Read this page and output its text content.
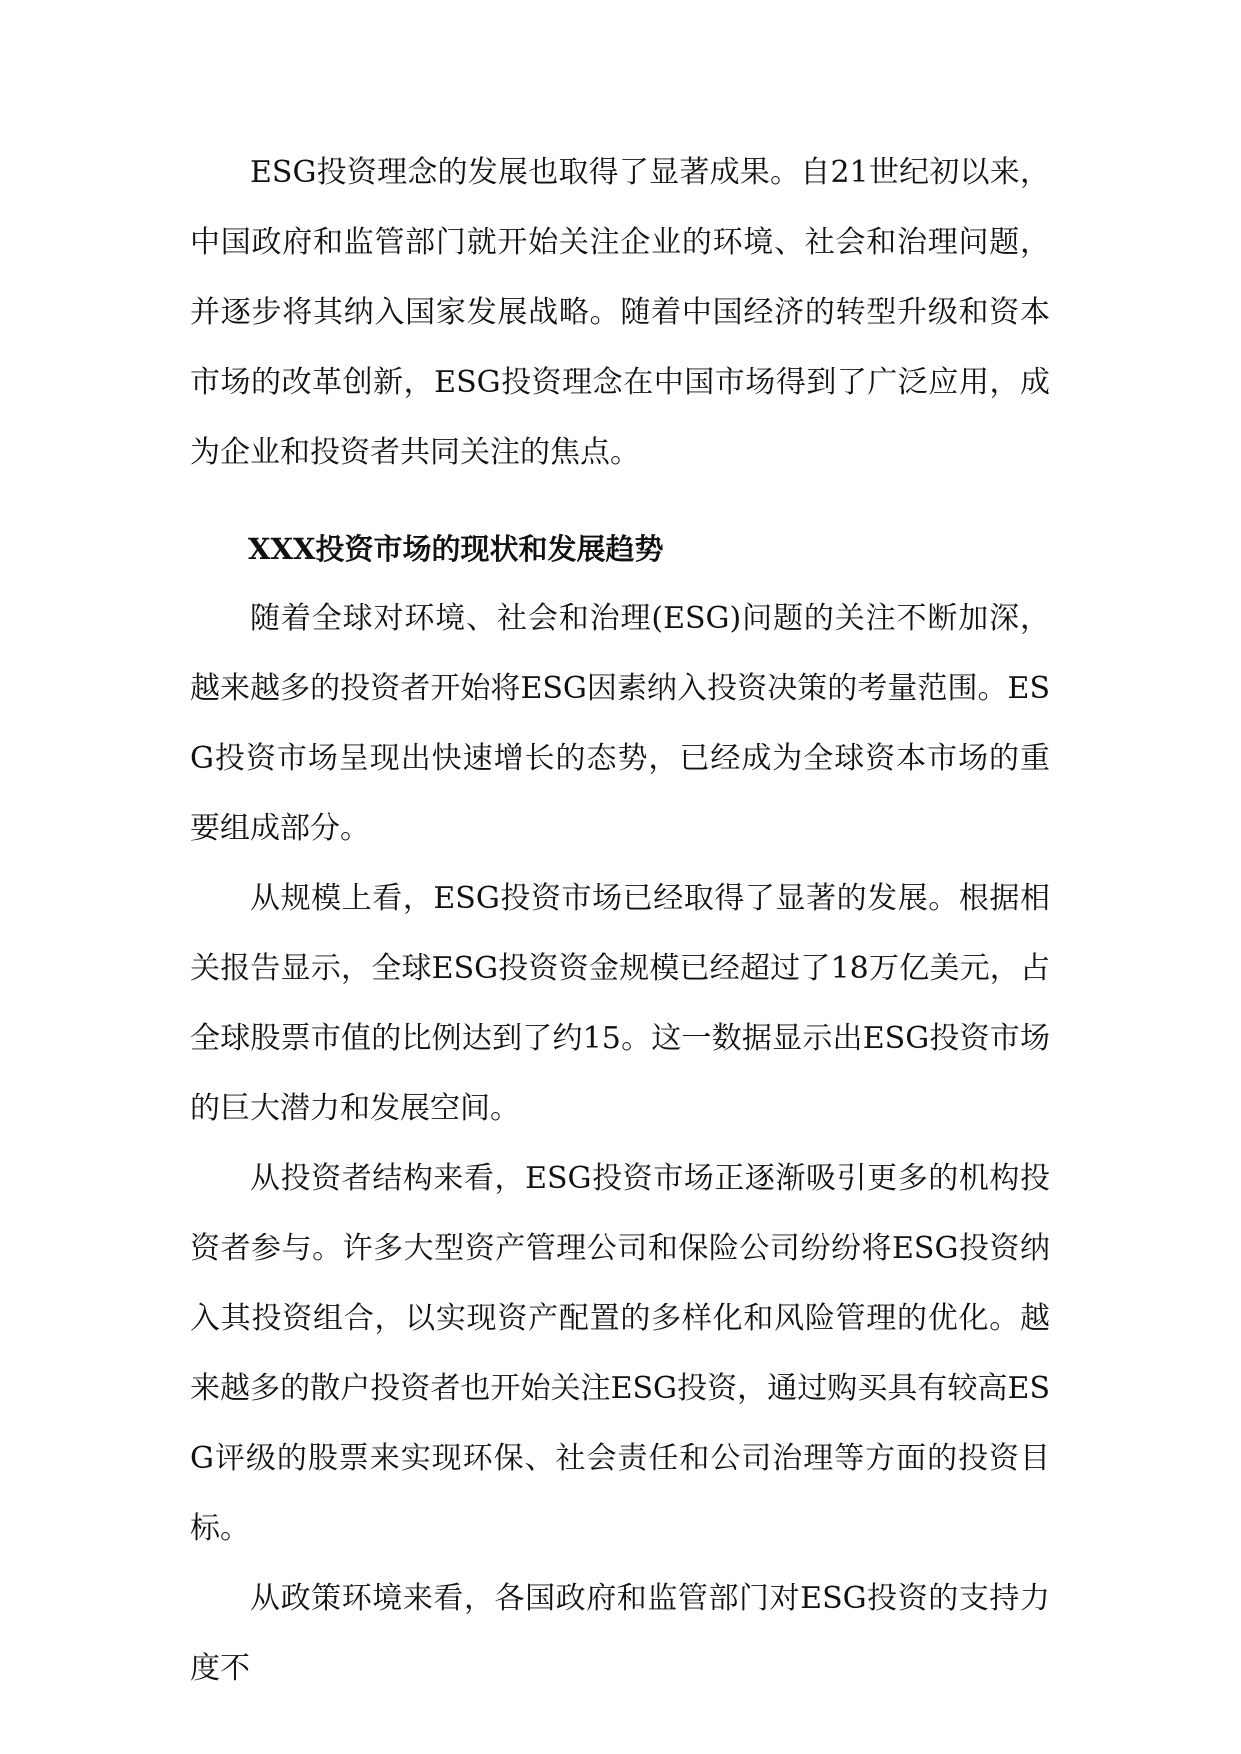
ESG投资理念的发展也取得了显著成果。自21世纪初以来，中国政府和监管部门就开始关注企业的环境、社会和治理问题，并逐步将其纳入国家发展战略。随着中国经济的转型升级和资本市场的改革创新，ESG投资理念在中国市场得到了广泛应用，成为企业和投资者共同关注的焦点。

XXX投资市场的现状和发展趋势

随着全球对环境、社会和治理(ESG)问题的关注不断加深，越来越多的投资者开始将ESG因素纳入投资决策的考量范围。ESG投资市场呈现出快速增长的态势，已经成为全球资本市场的重要组成部分。

从规模上看，ESG投资市场已经取得了显著的发展。根据相关报告显示，全球ESG投资资金规模已经超过了18万亿美元，占全球股票市值的比例达到了约15。这一数据显示出ESG投资市场的巨大潜力和发展空间。

从投资者结构来看，ESG投资市场正逐渐吸引更多的机构投资者参与。许多大型资产管理公司和保险公司纷纷将ESG投资纳入其投资组合，以实现资产配置的多样化和风险管理的优化。越来越多的散户投资者也开始关注ESG投资，通过购买具有较高ESG评级的股票来实现环保、社会责任和公司治理等方面的投资目标。

从政策环境来看，各国政府和监管部门对ESG投资的支持力度不
